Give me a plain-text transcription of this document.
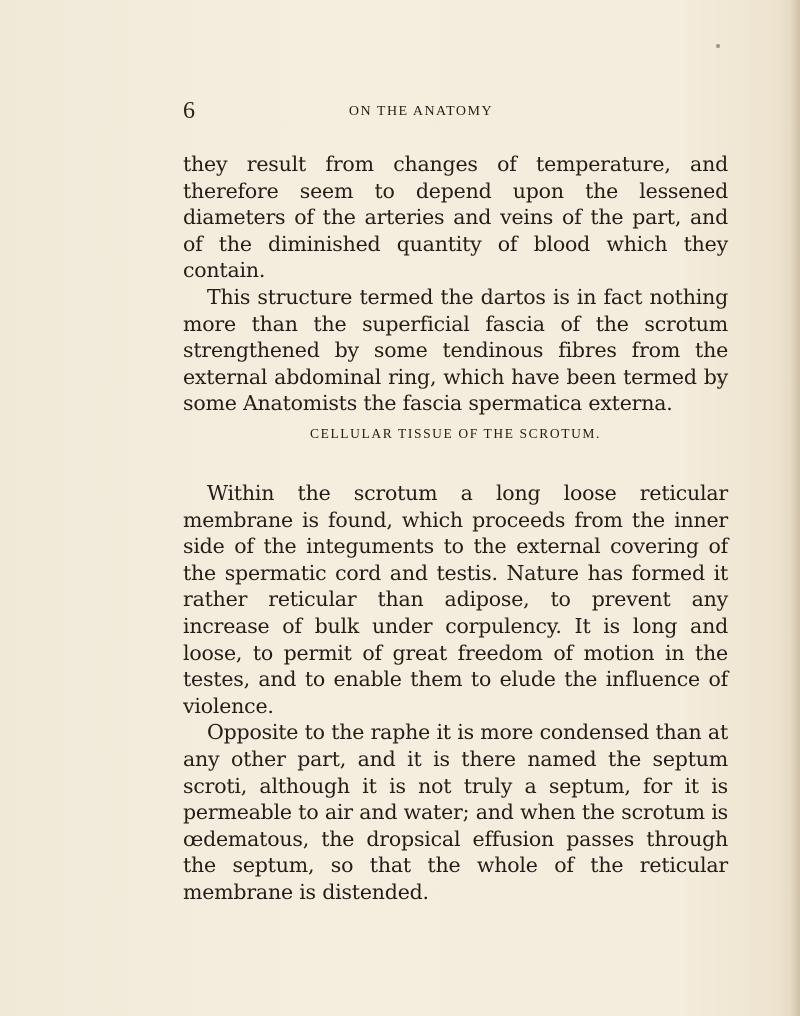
6	ON THE ANATOMY

they result from changes of temperature, and therefore seem to depend upon the lessened diameters of the arteries and veins of the part, and of the diminished quantity of blood which they contain.

This structure termed the dartos is in fact nothing more than the superficial fascia of the scrotum strengthened by some tendinous fibres from the external abdominal ring, which have been termed by some Anatomists the fascia spermatica externa.

CELLULAR TISSUE OF THE SCROTUM.

Within the scrotum a long loose reticular membrane is found, which proceeds from the inner side of the integuments to the external covering of the spermatic cord and testis. Nature has formed it rather reticular than adipose, to prevent any increase of bulk under corpulency. It is long and loose, to permit of great freedom of motion in the testes, and to enable them to elude the influence of violence.

Opposite to the raphe it is more condensed than at any other part, and it is there named the septum scroti, although it is not truly a septum, for it is permeable to air and water; and when the scrotum is œdematous, the dropsical effusion passes through the septum, so that the whole of the reticular membrane is distended.
